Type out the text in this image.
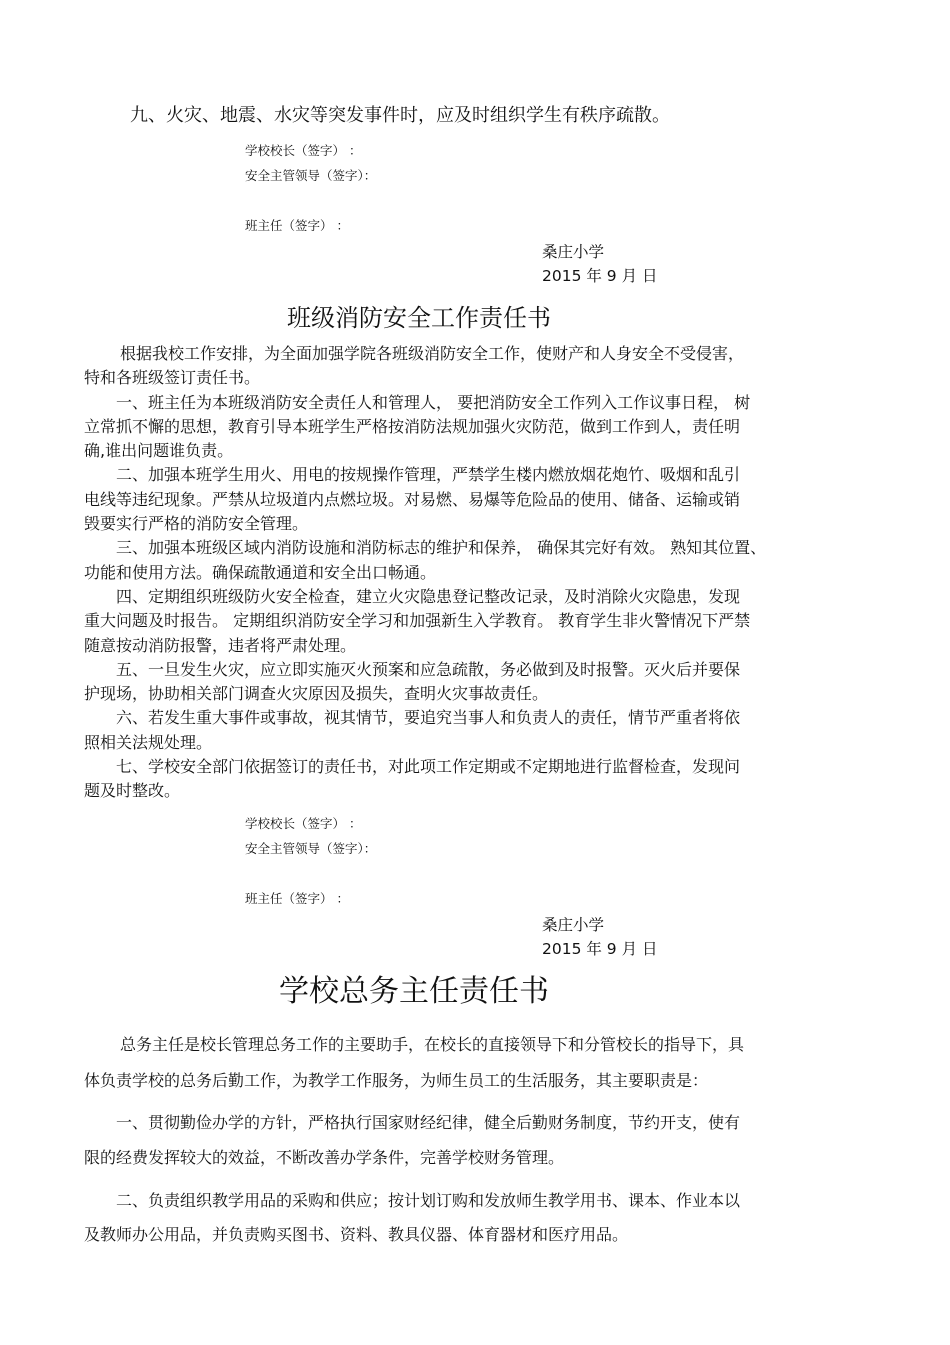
九、火灾、地震、水灾等突发事件时，应及时组织学生有秩序疏散。
学校校长（签字） ：
安全主管领导（签字）：
班主任（签字） ：
桑庄小学
2015 年 9 月 日
班级消防安全工作责任书
根据我校工作安排，为全面加强学院各班级消防安全工作，使财产和人身安全不受侵害，
特和各班级签订责任书。
一、班主任为本班级消防安全责任人和管理人， 要把消防安全工作列入工作议事日程， 树
立常抓不懈的思想，教育引导本班学生严格按消防法规加强火灾防范，做到工作到人，责任明
确,谁出问题谁负责。
二、加强本班学生用火、用电的按规操作管理，严禁学生楼内燃放烟花炮竹、吸烟和乱引
电线等违纪现象。严禁从垃圾道内点燃垃圾。对易燃、易爆等危险品的使用、储备、运输或销
毁要实行严格的消防安全管理。
三、加强本班级区域内消防设施和消防标志的维护和保养， 确保其完好有效。 熟知其位置、
功能和使用方法。确保疏散通道和安全出口畅通。
四、定期组织班级防火安全检查，建立火灾隐患登记整改记录，及时消除火灾隐患，发现
重大问题及时报告。 定期组织消防安全学习和加强新生入学教育。 教育学生非火警情况下严禁
随意按动消防报警，违者将严肃处理。
五、一旦发生火灾，应立即实施灭火预案和应急疏散，务必做到及时报警。灭火后并要保
护现场，协助相关部门调查火灾原因及损失，查明火灾事故责任。
六、若发生重大事件或事故，视其情节，要追究当事人和负责人的责任，情节严重者将依
照相关法规处理。
七、学校安全部门依据签订的责任书，对此项工作定期或不定期地进行监督检查，发现问
题及时整改。
学校校长（签字） ：
安全主管领导（签字）：
班主任（签字） ：
桑庄小学
2015 年 9 月 日
学校总务主任责任书
总务主任是校长管理总务工作的主要助手，在校长的直接领导下和分管校长的指导下，具
体负责学校的总务后勤工作，为教学工作服务，为师生员工的生活服务，其主要职责是：
一、贯彻勤俭办学的方针，严格执行国家财经纪律，健全后勤财务制度，节约开支，使有
限的经费发挥较大的效益，不断改善办学条件，完善学校财务管理。
二、负责组织教学用品的采购和供应；按计划订购和发放师生教学用书、课本、作业本以
及教师办公用品，并负责购买图书、资料、教具仪器、体育器材和医疗用品。
